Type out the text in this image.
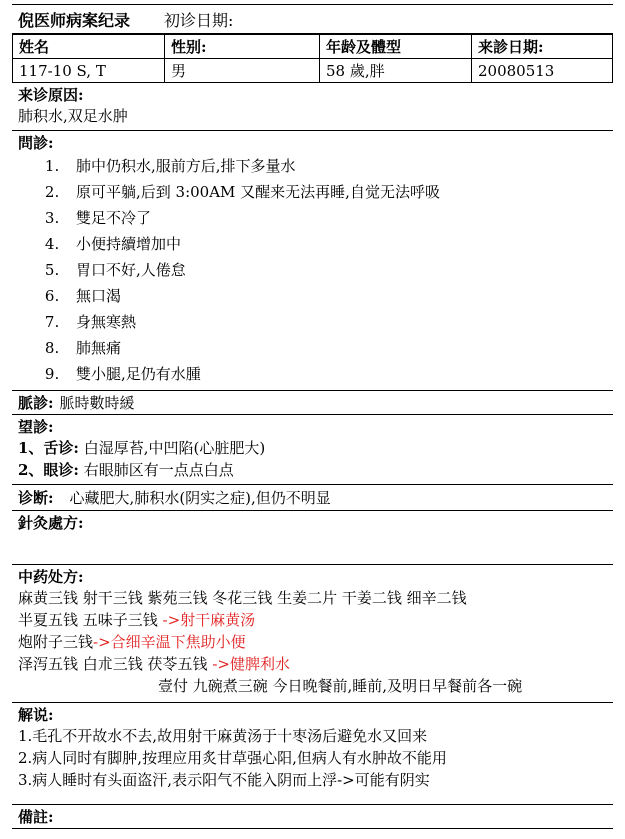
倪医师病案纪录 初诊日期:
姓名	性别:	年龄及體型	来診日期:
117-10 S, T	男	58 歲,胖	20080513
来诊原因:
肺积水,双足水肿
問診:
1. 肺中仍积水,服前方后,排下多量水
2. 原可平躺,后到 3:00AM 又醒来无法再睡,自觉无法呼吸
3. 雙足不冷了
4. 小便持續增加中
5. 胃口不好,人倦怠
6. 無口渴
7. 身無寒熱
8. 肺無痛
9. 雙小腿,足仍有水腫
脈診: 脈時數時緩
望診:
1、舌诊: 白湿厚苔,中凹陷(心脏肥大)
2、眼诊: 右眼肺区有一点点白点
诊断: 心藏肥大,肺积水(阴实之症),但仍不明显
針灸處方:
中药处方:
麻黄三钱 射干三钱 紫苑三钱 冬花三钱 生姜二片 干姜二钱 细辛二钱
半夏五钱 五味子三钱 ->射干麻黄汤
炮附子三钱->合细辛温下焦助小便
泽泻五钱 白朮三钱 茯苓五钱 ->健脾利水
壹付 九碗煮三碗 今日晚餐前,睡前,及明日早餐前各一碗
解说:
1.毛孔不开故水不去,故用射干麻黄汤于十枣汤后避免水又回来
2.病人同时有脚肿,按理应用炙甘草强心阳,但病人有水肿故不能用
3.病人睡时有头面盗汗,表示阳气不能入阴而上浮->可能有阴实
備註:
